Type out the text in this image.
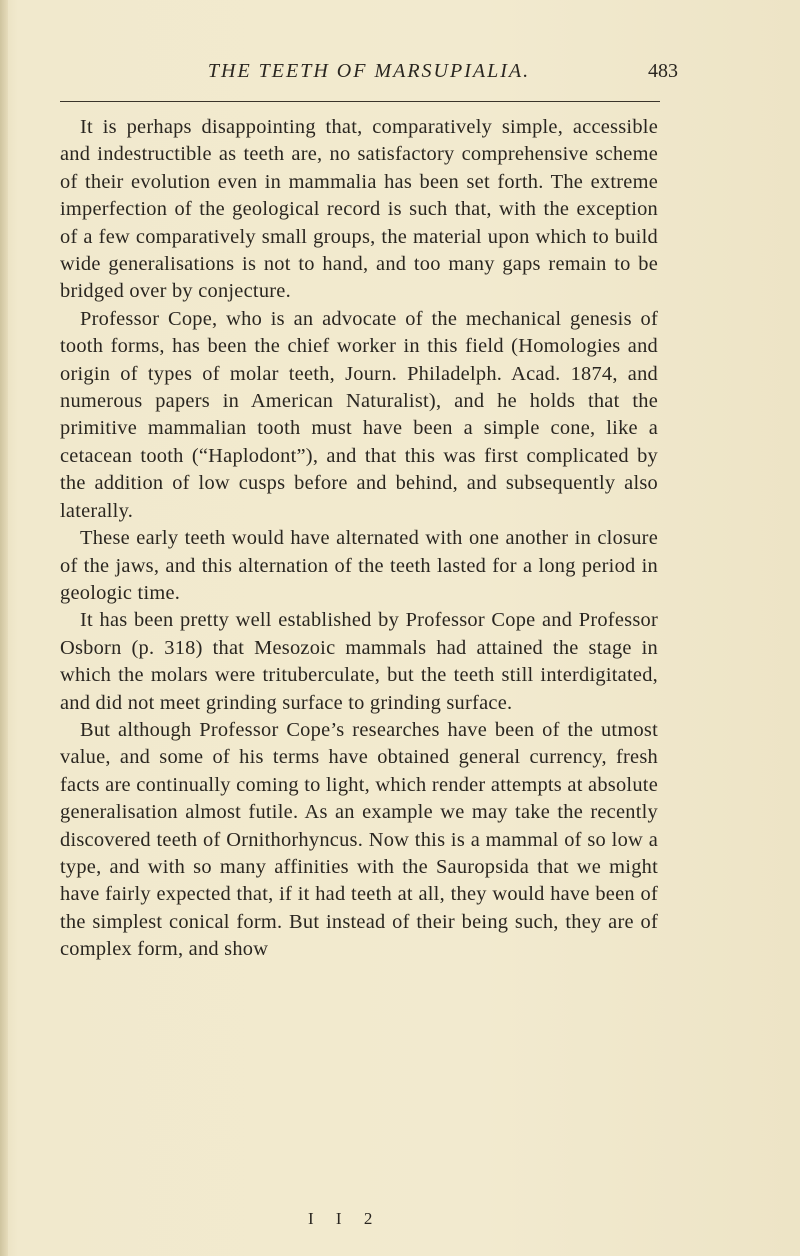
THE TEETH OF MARSUPIALIA.	483

It is perhaps disappointing that, comparatively simple, accessible and indestructible as teeth are, no satisfactory comprehensive scheme of their evolution even in mammalia has been set forth. The extreme imperfection of the geological record is such that, with the exception of a few comparatively small groups, the material upon which to build wide generalisations is not to hand, and too many gaps remain to be bridged over by conjecture.

Professor Cope, who is an advocate of the mechanical genesis of tooth forms, has been the chief worker in this field (Homologies and origin of types of molar teeth, Journ. Philadelph. Acad. 1874, and numerous papers in American Naturalist), and he holds that the primitive mammalian tooth must have been a simple cone, like a cetacean tooth (“Haplodont”), and that this was first complicated by the addition of low cusps before and behind, and subsequently also laterally.

These early teeth would have alternated with one another in closure of the jaws, and this alternation of the teeth lasted for a long period in geologic time.

It has been pretty well established by Professor Cope and Professor Osborn (p. 318) that Mesozoic mammals had attained the stage in which the molars were trituberculate, but the teeth still interdigitated, and did not meet grinding surface to grinding surface.

But although Professor Cope’s researches have been of the utmost value, and some of his terms have obtained general currency, fresh facts are continually coming to light, which render attempts at absolute generalisation almost futile. As an example we may take the recently discovered teeth of Ornithorhyncus. Now this is a mammal of so low a type, and with so many affinities with the Sauropsida that we might have fairly expected that, if it had teeth at all, they would have been of the simplest conical form. But instead of their being such, they are of complex form, and show

I I 2
